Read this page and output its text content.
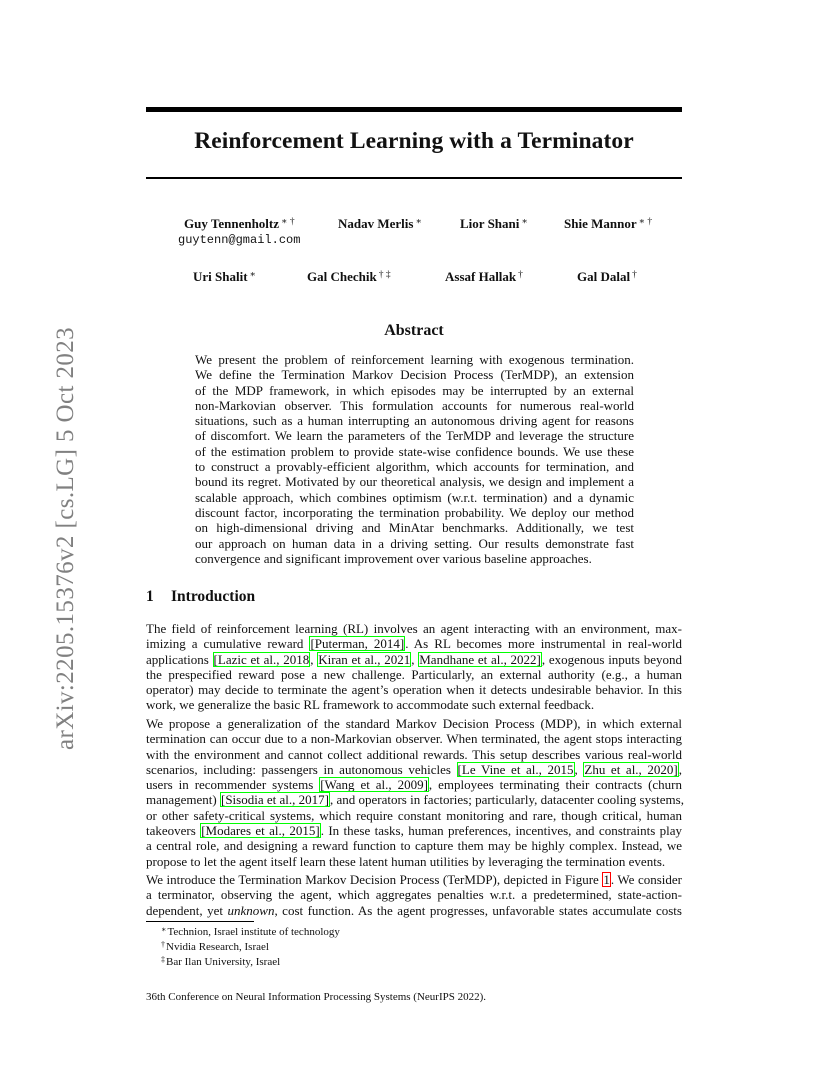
arXiv:2205.15376v2 [cs.LG] 5 Oct 2023
Reinforcement Learning with a Terminator
Guy Tennenholtz ∗ †
guytenn@gmail.com
Nadav Merlis ∗	Lior Shani ∗	Shie Mannor ∗ †
Uri Shalit ∗	Gal Chechik † ‡	Assaf Hallak †	Gal Dalal †
Abstract
We present the problem of reinforcement learning with exogenous termination.
We define the Termination Markov Decision Process (TerMDP), an extension
of the MDP framework, in which episodes may be interrupted by an external
non-Markovian observer. This formulation accounts for numerous real-world
situations, such as a human interrupting an autonomous driving agent for reasons
of discomfort. We learn the parameters of the TerMDP and leverage the structure
of the estimation problem to provide state-wise confidence bounds. We use these
to construct a provably-efficient algorithm, which accounts for termination, and
bound its regret. Motivated by our theoretical analysis, we design and implement a
scalable approach, which combines optimism (w.r.t. termination) and a dynamic
discount factor, incorporating the termination probability. We deploy our method
on high-dimensional driving and MinAtar benchmarks. Additionally, we test
our approach on human data in a driving setting. Our results demonstrate fast
convergence and significant improvement over various baseline approaches.
1 Introduction
The field of reinforcement learning (RL) involves an agent interacting with an environment, max-
imizing a cumulative reward [Puterman, 2014]. As RL becomes more instrumental in real-world
applications [Lazic et al., 2018, Kiran et al., 2021, Mandhane et al., 2022], exogenous inputs beyond
the prespecified reward pose a new challenge. Particularly, an external authority (e.g., a human
operator) may decide to terminate the agent’s operation when it detects undesirable behavior. In this
work, we generalize the basic RL framework to accommodate such external feedback.
We propose a generalization of the standard Markov Decision Process (MDP), in which external
termination can occur due to a non-Markovian observer. When terminated, the agent stops interacting
with the environment and cannot collect additional rewards. This setup describes various real-world
scenarios, including: passengers in autonomous vehicles [Le Vine et al., 2015, Zhu et al., 2020],
users in recommender systems [Wang et al., 2009], employees terminating their contracts (churn
management) [Sisodia et al., 2017], and operators in factories; particularly, datacenter cooling systems,
or other safety-critical systems, which require constant monitoring and rare, though critical, human
takeovers [Modares et al., 2015]. In these tasks, human preferences, incentives, and constraints play
a central role, and designing a reward function to capture them may be highly complex. Instead, we
propose to let the agent itself learn these latent human utilities by leveraging the termination events.
We introduce the Termination Markov Decision Process (TerMDP), depicted in Figure 1. We consider
a terminator, observing the agent, which aggregates penalties w.r.t. a predetermined, state-action-
dependent, yet unknown, cost function. As the agent progresses, unfavorable states accumulate costs
∗Technion, Israel institute of technology
†Nvidia Research, Israel
‡Bar Ilan University, Israel
36th Conference on Neural Information Processing Systems (NeurIPS 2022).
